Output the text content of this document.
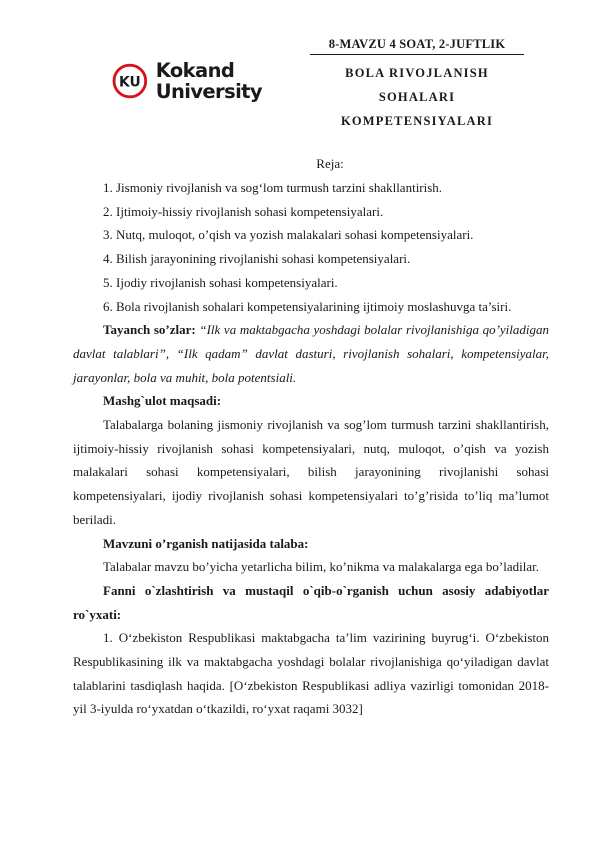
KU
Kokand
University
8-MAVZU 4 SOAT, 2-JUFTLIK
BOLA RIVOJLANISH
SOHALARI
KOMPETENSIYALARI
Reja:
1. Jismoniy rivojlanish va sog‘lom turmush tarzini shakllantirish.
2. Ijtimoiy-hissiy rivojlanish sohasi kompetensiyalari.
3. Nutq, muloqot, o’qish va yozish malakalari sohasi kompetensiyalari.
4. Bilish jarayonining rivojlanishi sohasi kompetensiyalari.
5. Ijodiy rivojlanish sohasi kompetensiyalari.
6. Bola rivojlanish sohalari kompetensiyalarining ijtimoiy moslashuvga ta’siri.

Tayanch so’zlar: “Ilk va maktabgacha yoshdagi bolalar rivojlanishiga qo’yiladigan davlat talablari”, “Ilk qadam” davlat dasturi, rivojlanish sohalari, kompetensiyalar, jarayonlar, bola va muhit, bola potentsiali.

Mashg`ulot maqsadi:

Talabalarga bolaning jismoniy rivojlanish va sog’lom turmush tarzini shakllantirish, ijtimoiy-hissiy rivojlanish sohasi kompetensiyalari, nutq, muloqot, o’qish va yozish malakalari sohasi kompetensiyalari, bilish jarayonining rivojlanishi sohasi kompetensiyalari, ijodiy rivojlanish sohasi kompetensiyalari to’g’risida to’liq ma’lumot beriladi.

Mavzuni o’rganish natijasida talaba:

Talabalar mavzu bo’yicha yetarlicha bilim, ko’nikma va malakalarga ega bo’ladilar.

Fanni o`zlashtirish va mustaqil o`qib-o`rganish uchun asosiy adabiyotlar ro`yxati:

1. O‘zbekiston Respublikasi maktabgacha ta’lim vazirining buyrug‘i. O‘zbekiston Respublikasining ilk va maktabgacha yoshdagi bolalar rivojlanishiga qo‘yiladigan davlat talablarini tasdiqlash haqida. [O‘zbekiston Respublikasi adliya vazirligi tomonidan 2018-yil 3-iyulda ro‘yxatdan o‘tkazildi, ro‘yxat raqami 3032]
